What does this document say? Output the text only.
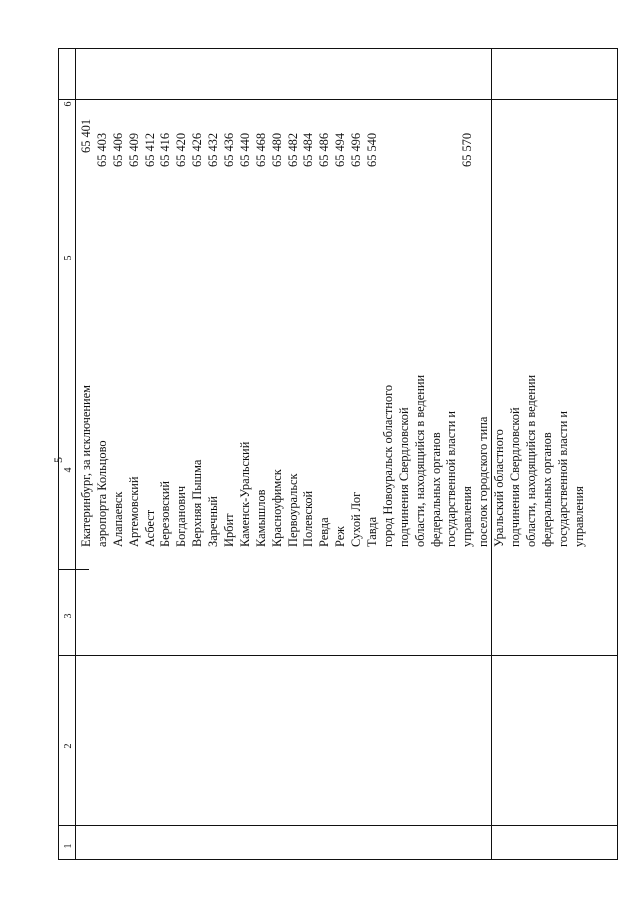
5
1
2
3
4
5
6
65 401
Екатеринбург, за исключением аэропорта Кольцово Алапаевск Артемовский Асбест Березовский Богданович Верхняя Пышма Заречный Ирбит Каменск-Уральский Камышлов Красноуфимск Первоуральск Полевской Ревда Реж Сухой Лог Тавда город Новоуральск областного подчинения Свердловской области, находящийся в ведении федеральных органов государственной власти и управления поселок городского типа Уральский областного подчинения Свердловской области, находящийся в ведении федеральных органов государственной власти и управления
65 403 65 406 65 409 65 412 65 416 65 420 65 426 65 432 65 436 65 440 65 468 65 480 65 482 65 484 65 486 65 494 65 496 65 540	65 570
